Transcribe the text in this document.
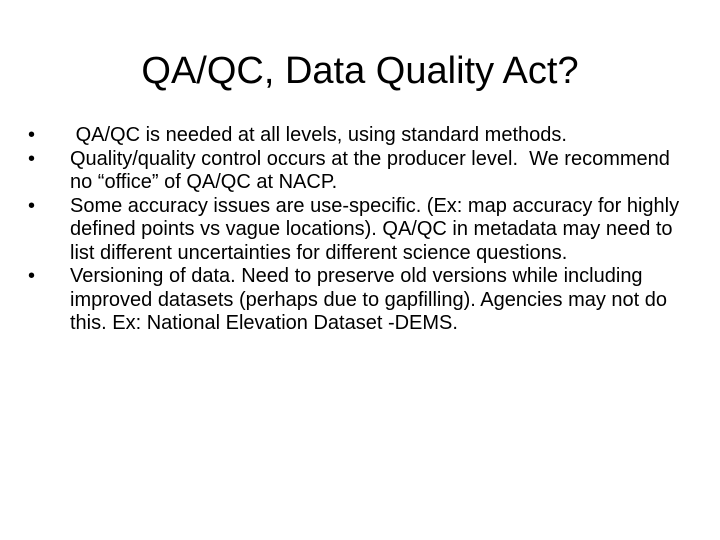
QA/QC, Data Quality Act?
•	QA/QC is needed at all levels, using standard methods.
•	Quality/quality control occurs at the producer level.  We recommend no “office” of QA/QC at NACP.
•	Some accuracy issues are use-specific. (Ex: map accuracy for highly defined points vs vague locations). QA/QC in metadata may need to list different uncertainties for different science questions.
•	Versioning of data. Need to preserve old versions while including improved datasets (perhaps due to gapfilling). Agencies may not do this. Ex: National Elevation Dataset -DEMS.
